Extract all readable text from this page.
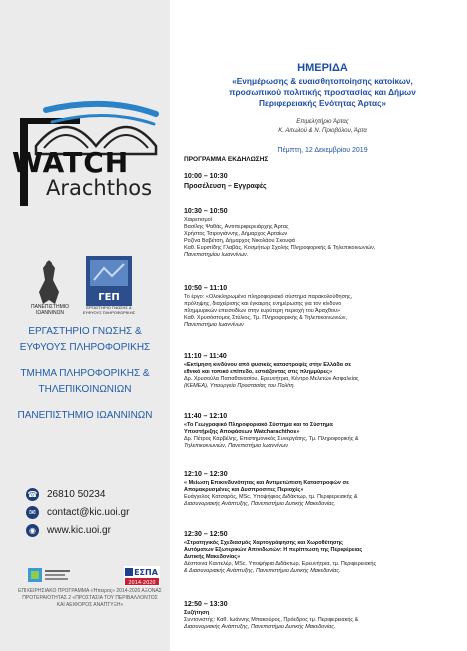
WATCH
Arachthos
ΠΑΝΕΠΙΣΤΗΜΙΟ ΙΩΑΝΝΙΝΩΝ
ΓΕΠ
ΕΡΓΑΣΤΗΡΙΟ ΓΝΩΣΗΣ & ΕΥΦΥΟΥΣ ΠΛΗΡΟΦΟΡΙΚΗΣ
ΕΡΓΑΣΤΗΡΙΟ ΓΝΩΣΗΣ &
ΕΥΦΥΟΥΣ ΠΛΗΡΟΦΟΡΙΚΗΣ
ΤΜΗΜΑ ΠΛΗΡΟΦΟΡΙΚΗΣ &
ΤΗΛΕΠΙΚΟΙΝΩΝΙΩΝ
ΠΑΝΕΠΙΣΤΗΜΙΟ ΙΩΑΝΝΙΝΩΝ
☎ 26810 50234
✉	contact@kic.uoi.gr
◉	www.kic.uoi.gr
ΕΣΠΑ
2014-2020
ΕΠΙΧΕΙΡΗΣΙΑΚΟ ΠΡΟΓΡΑΜΜΑ «Ήπειρος» 2014-2020 ΑΞΟΝΑΣ ΠΡΟΤΕΡΑΙΟΤΗΤΑΣ 2 «ΠΡΟΣΤΑΣΙΑ ΤΟΥ ΠΕΡΙΒΑΛΛΟΝΤΟΣ ΚΑΙ ΑΕΙΦΟΡΟΣ ΑΝΑΠΤΥΞΗ»
ΗΜΕΡΙΔΑ
«Ενημέρωσης & ευαισθητοποίησης κατοίκων,
προσωπικού πολιτικής προστασίας και Δήμων
Περιφερειακής Ενότητας Άρτας»
Επιμελητήριο Άρτας
Κ. Αιτωλού & Ν. Πριοβόλου, Άρτα
Πέμπτη, 12 Δεκεμβρίου 2019
ΠΡΟΓΡΑΜΜΑ ΕΚΔΗΛΩΣΗΣ
10:00 – 10:30
Προσέλευση – Εγγραφές
10:30 – 10:50
Χαιρετισμοί
Βασίλης Ψαθάς, Αντιπεριφερειάρχης Άρτας
Χρήστος Τσιρογιάννης, Δήμαρχος Αρταίων
Ροζίνα Βαβέτση, Δήμαρχος Νικολάου Σκουφά
Καθ. Ευριπίδης Γλαβάς, Κοσμήτωρ Σχολής Πληροφορικής & Τηλεπικοινωνιών,
Πανεπιστημίου Ιωαννίνων.
10:50 – 11:10
Το έργο: «Ολοκληρωμένο πληροφοριακό σύστημα παρακολούθησης,
πρόληψης, διαχείρισης και έγκαιρης ενημέρωσης για τον κίνδυνο
πλημμυρικών επεισοδίων στην ευρύτερη περιοχή του Άραχθου»
Καθ. Χρυσόστομος Στύλιος, Τμ. Πληροφορικής & Τηλεπικοινωνιών,
Πανεπιστήμιο Ιωαννίνων
11:10 – 11:40
«Εκτίμηση κινδύνου από φυσικές καταστροφές στην Ελλάδα σε
εθνικό και τοπικό επίπεδο, εστιάζοντας στις πλημμύρες»
Δρ. Χρυσούλα Παπαθανασίου, Ερευνήτρια, Κέντρο Μελετών Ασφαλείας
(ΚΕΜΕΑ), Υπουργείο Προστασίας του Πολίτη.
11:40 – 12:10
«Το Γεωγραφικό Πληροφοριακό Σύστημα και το Σύστημα
Υποστήριξης Αποφάσεων Watcharachthos»
Δρ. Πέτρος Καρβέλης, Επιστημονικός Συνεργάτης, Τμ. Πληροφορικής &
Τηλεπικοινωνιών, Πανεπιστήμιο Ιωαννίνων
12:10 – 12:30
« Μείωση Επικινδυνότητας και Αντιμετώπιση Καταστροφών σε
Απομακρυσμένες και Δυσπροσιτες Περιοχές»
Ευάγγελος Κατσαρός, MSc. Υποψήφιος Διδάκτωρ, τμ. Περιφερειακής &
Διασυνοριακής Ανάπτυξης, Πανεπιστήμιο Δυτικής Μακεδονίας.
12:30 – 12:50
«Στρατηγικός Σχεδιασμός Χαρτογράφησης και Χωροθέτησης
Αυτόματων Εξωτερικών Απινιδωτών: Η περίπτωση της Περιφέρειας
Δυτικής Μακεδονίας»
Δέσποινα Καντελέρ, MSc. Υποψήφια Διδάκτωρ, Ερευνήτρια, τμ. Περιφερειακής
& Διασυνοριακής Ανάπτυξης, Πανεπιστήμιο Δυτικής Μακεδονίας.
12:50 – 13:30
Συζήτηση
Συντονιστής: Καθ. Ιωάννης Μπακούρος, Πρόεδρος τμ. Περιφερειακής &
Διασυνοριακής Ανάπτυξης, Πανεπιστήμιο Δυτικής Μακεδονίας.
